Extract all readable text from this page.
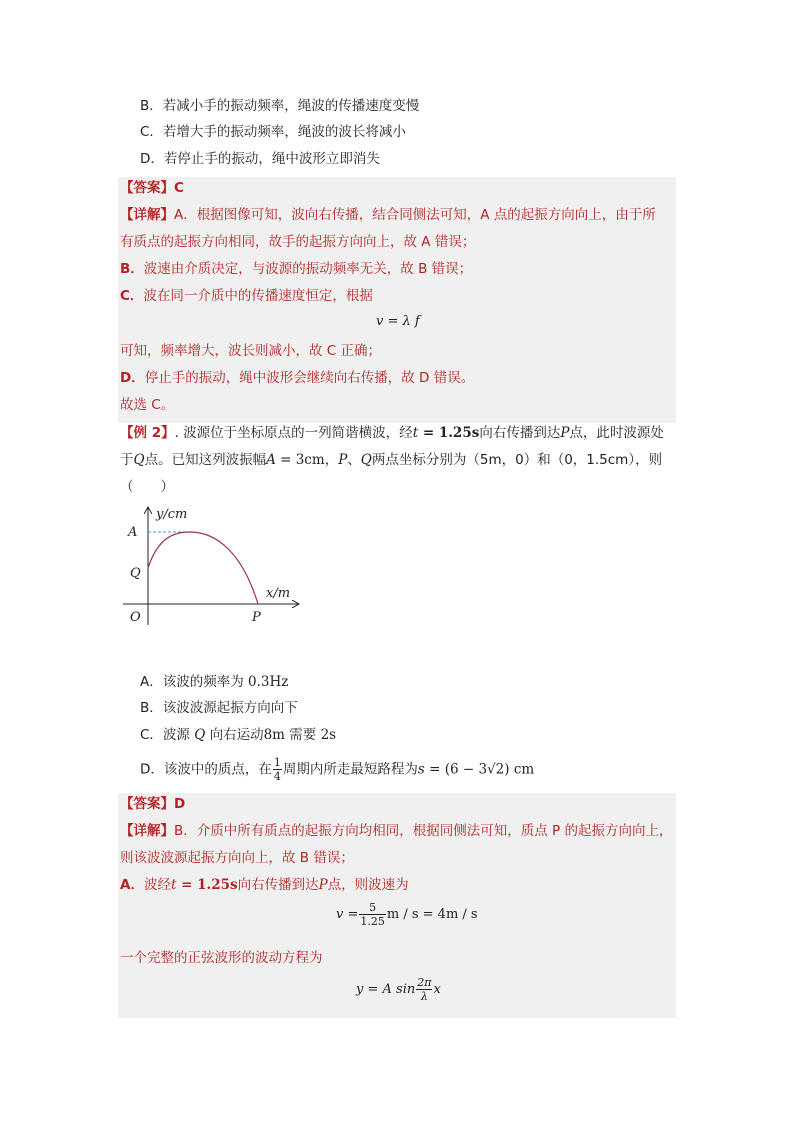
B．若减小手的振动频率，绳波的传播速度变慢
C．若增大手的振动频率，绳波的波长将减小
D．若停止手的振动，绳中波形立即消失
【答案】C
【详解】A．根据图像可知，波向右传播，结合同侧法可知，A 点的起振方向向上，由于所
有质点的起振方向相同，故手的起振方向向上，故 A 错误；
B．波速由介质决定，与波源的振动频率无关，故 B 错误；
C．波在同一介质中的传播速度恒定，根据
v = λ f
可知，频率增大，波长则减小，故 C 正确；
D．停止手的振动，绳中波形会继续向右传播，故 D 错误。
故选 C。
【例 2】. 波源位于坐标原点的一列简谐横波，经t = 1.25s向右传播到达P点，此时波源处
于Q点。已知这列波振幅A = 3cm，P、Q两点坐标分别为（5m，0）和（0，1.5cm），则
（　　）
y/cm
x/m
A
Q
O	P
A．该波的频率为 0.3Hz
B．该波波源起振方向向下
C．波源 Q 向右运动8m 需要 2s
D．该波中的质点，在 $\frac{1}{4}$ 周期内所走最短路程为s = (6 − 3√2) cm
【答案】D
【详解】B．介质中所有质点的起振方向均相同，根据同侧法可知，质点 P 的起振方向向上，
则该波波源起振方向向上，故 B 错误；
A．波经t = 1.25s向右传播到达P点，则波速为
$v = \frac{5}{1.25}$ m / s = 4m / s
一个完整的正弦波形的波动方程为
y = A $\sin \frac{2\pi}{\lambda}$ x
